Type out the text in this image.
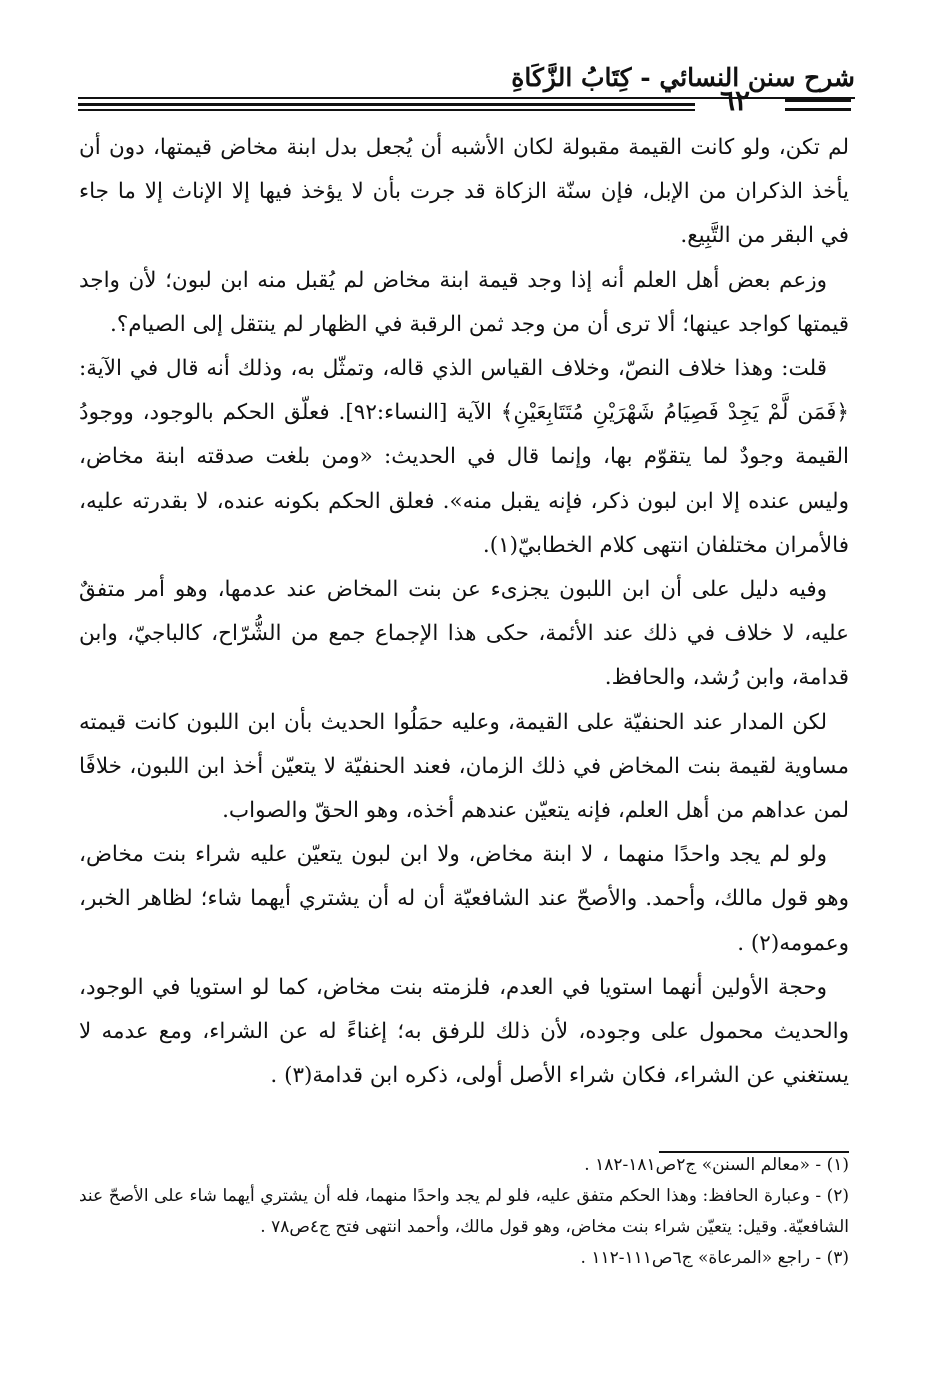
شرح سنن النسائي - كِتَابُ الزَّكَاةِ
٦٢

لم تكن، ولو كانت القيمة مقبولة لكان الأشبه أن يُجعل بدل ابنة مخاض قيمتها، دون أن يأخذ الذكران من الإبل، فإن سنّة الزكاة قد جرت بأن لا يؤخذ فيها إلا الإناث إلا ما جاء في البقر من التَّبِيع.

وزعم بعض أهل العلم أنه إذا وجد قيمة ابنة مخاض لم يُقبل منه ابن لبون؛ لأن واجد قيمتها كواجد عينها؛ ألا ترى أن من وجد ثمن الرقبة في الظهار لم ينتقل إلى الصيام؟.

قلت: وهذا خلاف النصّ، وخلاف القياس الذي قاله، وتمثّل به، وذلك أنه قال في الآية: ﴿فَمَن لَّمْ يَجِدْ فَصِيَامُ شَهْرَيْنِ مُتَتَابِعَيْنِ﴾ الآية [النساء:٩٢]. فعلّق الحكم بالوجود، ووجودُ القيمة وجودٌ لما يتقوّم بها، وإنما قال في الحديث: «ومن بلغت صدقته ابنة مخاض، وليس عنده إلا ابن لبون ذكر، فإنه يقبل منه». فعلق الحكم بكونه عنده، لا بقدرته عليه، فالأمران مختلفان انتهى كلام الخطابيّ(١).

وفيه دليل على أن ابن اللبون يجزىء عن بنت المخاض عند عدمها، وهو أمر متفقٌ عليه، لا خلاف في ذلك عند الأئمة، حكى هذا الإجماع جمع من الشُّرّاح، كالباجيّ، وابن قدامة، وابن رُشد، والحافظ.

لكن المدار عند الحنفيّة على القيمة، وعليه حمَلُوا الحديث بأن ابن اللبون كانت قيمته مساوية لقيمة بنت المخاض في ذلك الزمان، فعند الحنفيّة لا يتعيّن أخذ ابن اللبون، خلافًا لمن عداهم من أهل العلم، فإنه يتعيّن عندهم أخذه، وهو الحقّ والصواب.

ولو لم يجد واحدًا منهما ، لا ابنة مخاض، ولا ابن لبون يتعيّن عليه شراء بنت مخاض، وهو قول مالك، وأحمد. والأصحّ عند الشافعيّة أن له أن يشتري أيهما شاء؛ لظاهر الخبر، وعمومه(٢) .

وحجة الأولين أنهما استويا في العدم، فلزمته بنت مخاض، كما لو استويا في الوجود، والحديث محمول على وجوده، لأن ذلك للرفق به؛ إغناءً له عن الشراء، ومع عدمه لا يستغني عن الشراء، فكان شراء الأصل أولى، ذكره ابن قدامة(٣) .

(١) - «معالم السنن» ج٢ص١٨١-١٨٢ .

(٢) - وعبارة الحافظ: وهذا الحكم متفق عليه، فلو لم يجد واحدًا منهما، فله أن يشتري أيهما شاء على الأصحّ عند الشافعيّة. وقيل: يتعيّن شراء بنت مخاض، وهو قول مالك، وأحمد انتهى فتح ج٤ص٧٨ .

(٣) - راجع «المرعاة» ج٦ص١١١-١١٢ .
